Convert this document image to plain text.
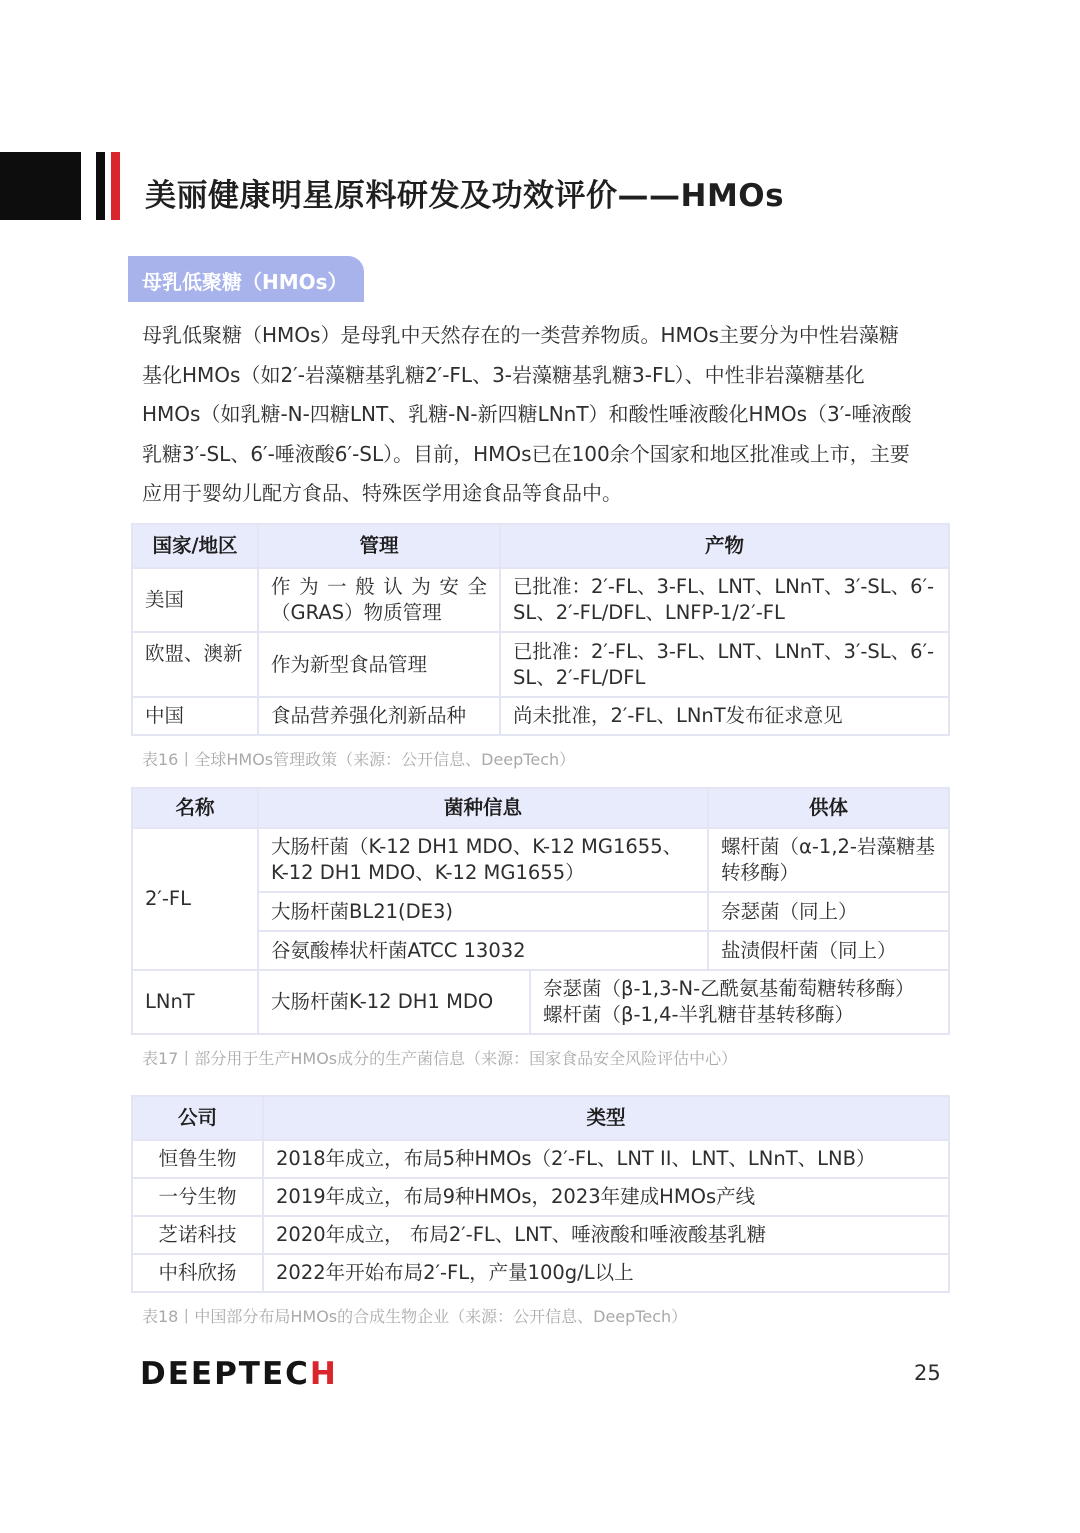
美丽健康明星原料研发及功效评价——HMOs
母乳低聚糖（HMOs）
母乳低聚糖（HMOs）是母乳中天然存在的一类营养物质。HMOs主要分为中性岩藻糖
基化HMOs（如2′-岩藻糖基乳糖2′-FL、3-岩藻糖基乳糖3-FL）、中性非岩藻糖基化
HMOs（如乳糖-N-四糖LNT、乳糖-N-新四糖LNnT）和酸性唾液酸化HMOs（3′-唾液酸
乳糖3′-SL、6′-唾液酸6′-SL）。目前，HMOs已在100余个国家和地区批准或上市，主要
应用于婴幼儿配方食品、特殊医学用途食品等食品中。
国家/地区	管理	产物
美国	作为一般认为安全（GRAS）物质管理	已批准：2′-FL、3-FL、LNT、LNnT、3′-SL、6′-SL、2′-FL/DFL、LNFP-1/2′-FL
欧盟、澳新	作为新型食品管理	已批准：2′-FL、3-FL、LNT、LNnT、3′-SL、6′-SL、2′-FL/DFL
中国	食品营养强化剂新品种	尚未批准，2′-FL、LNnT发布征求意见
表16丨全球HMOs管理政策（来源：公开信息、DeepTech）
名称	菌种信息		供体
2′-FL	大肠杆菌（K-12 DH1 MDO、K-12 MG1655、K-12 DH1 MDO、K-12 MG1655）		螺杆菌（α-1,2-岩藻糖基转移酶）
	大肠杆菌BL21(DE3)		奈瑟菌（同上）
	谷氨酸棒状杆菌ATCC 13032		盐渍假杆菌（同上）
LNnT	大肠杆菌K-12 DH1 MDO	奈瑟菌（β-1,3-N-乙酰氨基葡萄糖转移酶）
螺杆菌（β-1,4-半乳糖苷基转移酶）	
表17丨部分用于生产HMOs成分的生产菌信息（来源：国家食品安全风险评估中心）
公司	类型
恒鲁生物	2018年成立，布局5种HMOs（2′-FL、LNT II、LNT、LNnT、LNB）
一兮生物	2019年成立，布局9种HMOs，2023年建成HMOs产线
芝诺科技	2020年成立， 布局2′-FL、LNT、唾液酸和唾液酸基乳糖
中科欣扬	2022年开始布局2′-FL，产量100g/L以上
表18丨中国部分布局HMOs的合成生物企业（来源：公开信息、DeepTech）
DEEPTECH	25
